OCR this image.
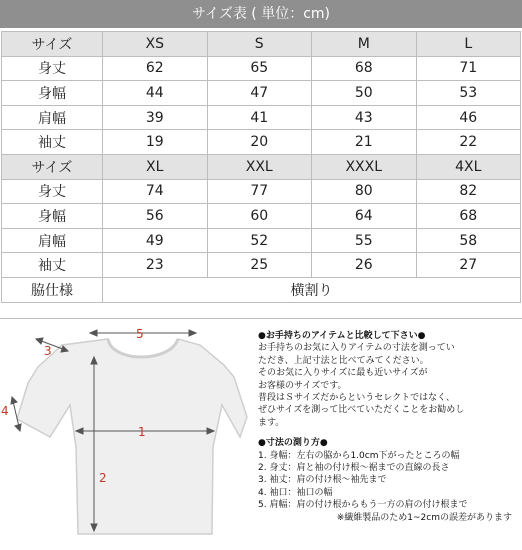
サイズ表 ( 単位：cm)
サイズ	XS	S	M	L
身丈	62	65	68	71
身幅	44	47	50	53
肩幅	39	41	43	46
袖丈	19	20	21	22
サイズ	XL	XXL	XXXL	4XL
身丈	74	77	80	82
身幅	56	60	64	68
肩幅	49	52	55	58
袖丈	23	25	26	27
脇仕様	横割り			
5
1
2
3
4
●お手持ちのアイテムと比較して下さい●
お手持ちのお気に入りアイテムの寸法を測ってい
ただき、上記寸法と比べてみてください。
そのお気に入りサイズに最も近いサイズが
お客様のサイズです。
普段はＳサイズだからというセレクトではなく、
ぜひサイズを測って比べていただくことをお勧めし
ます。
●寸法の測り方●
1. 身幅：左右の脇から1.0cm下がったところの幅
2. 身丈：肩と袖の付け根～裾までの直線の長さ
3. 袖丈：肩の付け根～袖先まで
4. 袖口：袖口の幅
5. 肩幅：肩の付け根からもう一方の肩の付け根まで
※繊維製品のため1~2cmの誤差があります
